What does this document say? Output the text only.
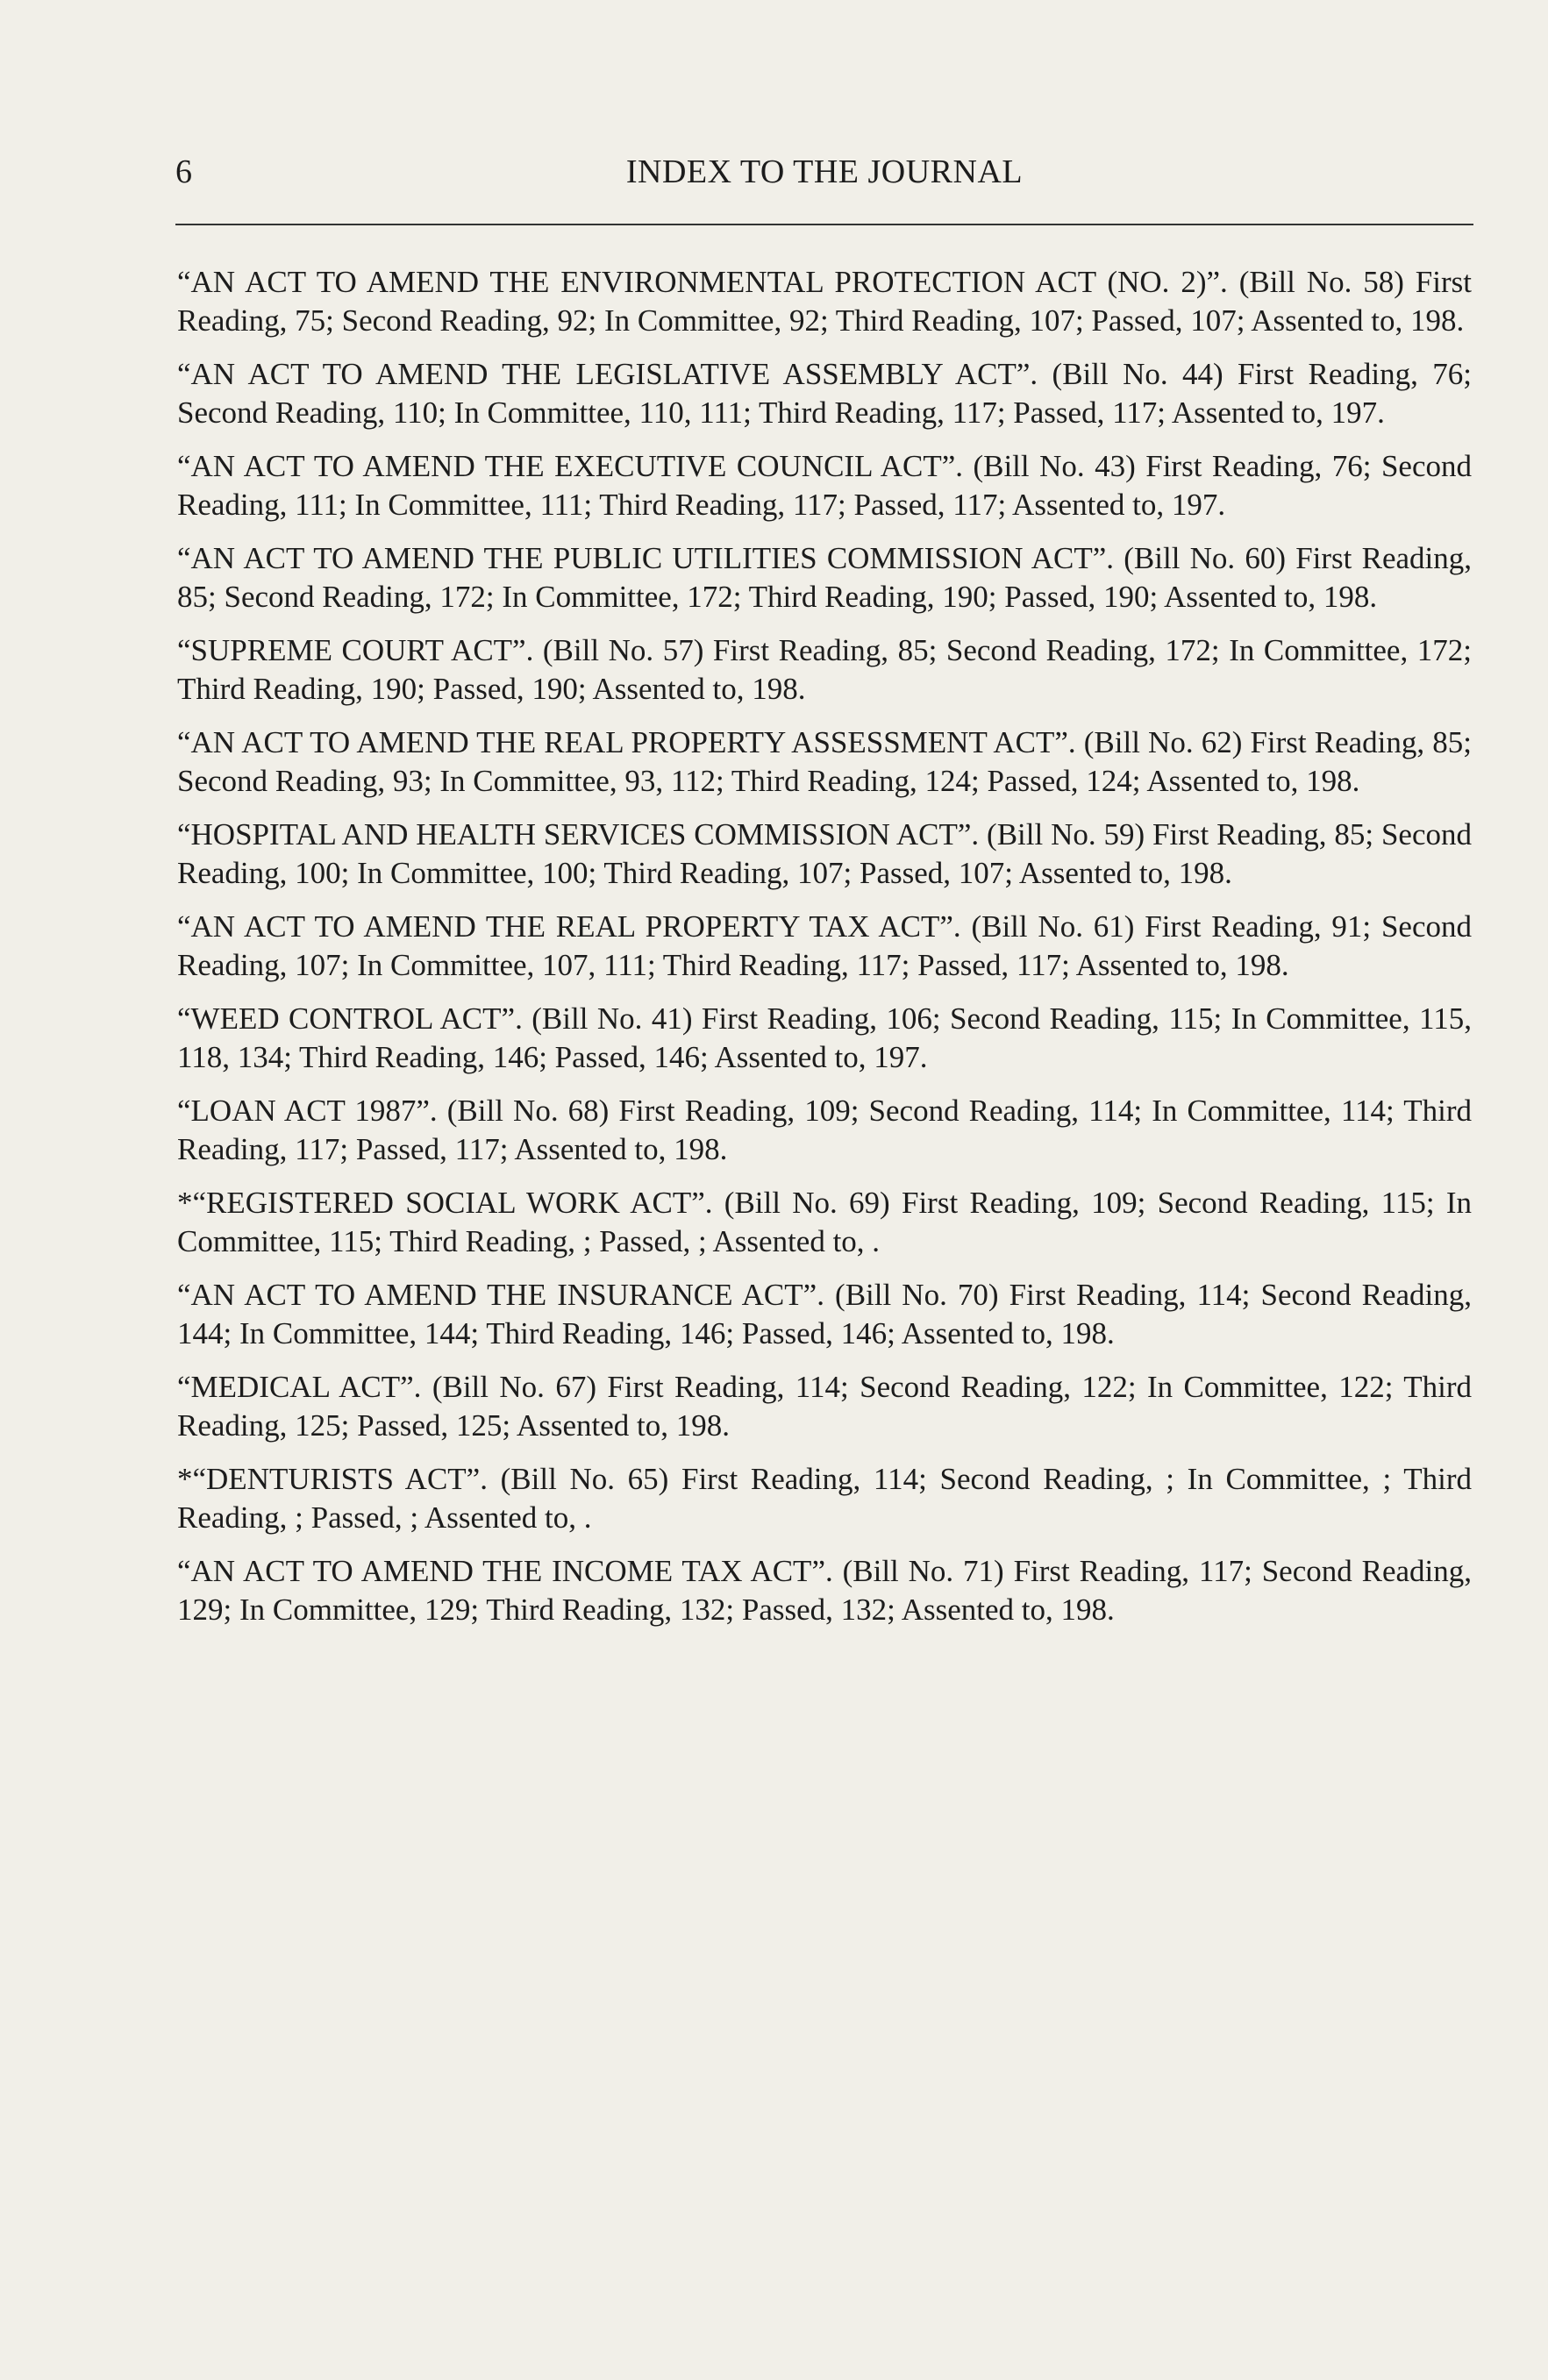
6	INDEX TO THE JOURNAL

“AN ACT TO AMEND THE ENVIRONMENTAL PROTECTION ACT (NO. 2)”. (Bill No. 58) First Reading, 75; Second Reading, 92; In Committee, 92; Third Reading, 107; Passed, 107; Assented to, 198.

“AN ACT TO AMEND THE LEGISLATIVE ASSEMBLY ACT”. (Bill No. 44) First Reading, 76; Second Reading, 110; In Committee, 110, 111; Third Reading, 117; Passed, 117; Assented to, 197.

“AN ACT TO AMEND THE EXECUTIVE COUNCIL ACT”. (Bill No. 43) First Reading, 76; Second Reading, 111; In Committee, 111; Third Reading, 117; Passed, 117; Assented to, 197.

“AN ACT TO AMEND THE PUBLIC UTILITIES COMMISSION ACT”. (Bill No. 60) First Reading, 85; Second Reading, 172; In Committee, 172; Third Reading, 190; Passed, 190; Assented to, 198.

“SUPREME COURT ACT”. (Bill No. 57) First Reading, 85; Second Reading, 172; In Committee, 172; Third Reading, 190; Passed, 190; Assented to, 198.

“AN ACT TO AMEND THE REAL PROPERTY ASSESSMENT ACT”. (Bill No. 62) First Reading, 85; Second Reading, 93; In Committee, 93, 112; Third Reading, 124; Passed, 124; Assented to, 198.

“HOSPITAL AND HEALTH SERVICES COMMISSION ACT”. (Bill No. 59) First Reading, 85; Second Reading, 100; In Committee, 100; Third Reading, 107; Passed, 107; Assented to, 198.

“AN ACT TO AMEND THE REAL PROPERTY TAX ACT”. (Bill No. 61) First Reading, 91; Second Reading, 107; In Committee, 107, 111; Third Reading, 117; Passed, 117; Assented to, 198.

“WEED CONTROL ACT”. (Bill No. 41) First Reading, 106; Second Reading, 115; In Committee, 115, 118, 134; Third Reading, 146; Passed, 146; Assented to, 197.

“LOAN ACT 1987”. (Bill No. 68) First Reading, 109; Second Reading, 114; In Committee, 114; Third Reading, 117; Passed, 117; Assented to, 198.

*“REGISTERED SOCIAL WORK ACT”. (Bill No. 69) First Reading, 109; Second Reading, 115; In Committee, 115; Third Reading, ; Passed, ; Assented to, .

“AN ACT TO AMEND THE INSURANCE ACT”. (Bill No. 70) First Reading, 114; Second Reading, 144; In Committee, 144; Third Reading, 146; Passed, 146; Assented to, 198.

“MEDICAL ACT”. (Bill No. 67) First Reading, 114; Second Reading, 122; In Committee, 122; Third Reading, 125; Passed, 125; Assented to, 198.

*“DENTURISTS ACT”. (Bill No. 65) First Reading, 114; Second Reading, ; In Committee, ; Third Reading, ; Passed, ; Assented to, .

“AN ACT TO AMEND THE INCOME TAX ACT”. (Bill No. 71) First Reading, 117; Second Reading, 129; In Committee, 129; Third Reading, 132; Passed, 132; Assented to, 198.
